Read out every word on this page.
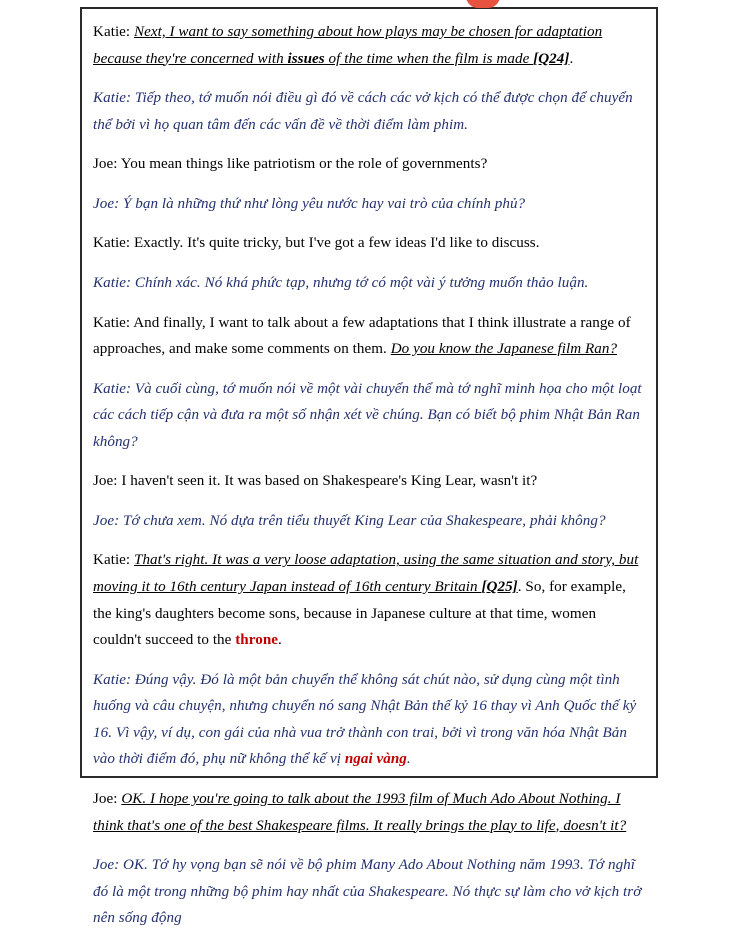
Katie: Next, I want to say something about how plays may be chosen for adaptation because they're concerned with issues of the time when the film is made [Q24].

Katie: Tiếp theo, tớ muốn nói điều gì đó về cách các vở kịch có thể được chọn để chuyển thể bởi vì họ quan tâm đến các vấn đề về thời điểm làm phim.

Joe: You mean things like patriotism or the role of governments?

Joe: Ý bạn là những thứ như lòng yêu nước hay vai trò của chính phủ?

Katie: Exactly. It's quite tricky, but I've got a few ideas I'd like to discuss.

Katie: Chính xác. Nó khá phức tạp, nhưng tớ có một vài ý tưởng muốn thảo luận.

Katie: And finally, I want to talk about a few adaptations that I think illustrate a range of approaches, and make some comments on them. Do you know the Japanese film Ran?

Katie: Và cuối cùng, tớ muốn nói về một vài chuyển thể mà tớ nghĩ minh họa cho một loạt các cách tiếp cận và đưa ra một số nhận xét về chúng. Bạn có biết bộ phim Nhật Bản Ran không?

Joe: I haven't seen it. It was based on Shakespeare's King Lear, wasn't it?

Joe: Tớ chưa xem. Nó dựa trên tiểu thuyết King Lear của Shakespeare, phải không?

Katie: That's right. It was a very loose adaptation, using the same situation and story, but moving it to 16th century Japan instead of 16th century Britain [Q25]. So, for example, the king's daughters become sons, because in Japanese culture at that time, women couldn't succeed to the throne.

Katie: Đúng vậy. Đó là một bản chuyển thể không sát chút nào, sử dụng cùng một tình huống và câu chuyện, nhưng chuyển nó sang Nhật Bản thế kỷ 16 thay vì Anh Quốc thế kỷ 16. Vì vậy, ví dụ, con gái của nhà vua trở thành con trai, bởi vì trong văn hóa Nhật Bản vào thời điểm đó, phụ nữ không thể kế vị ngai vàng.

Joe: OK. I hope you're going to talk about the 1993 film of Much Ado About Nothing. I think that's one of the best Shakespeare films. It really brings the play to life, doesn't it?

Joe: OK. Tớ hy vọng bạn sẽ nói về bộ phim Many Ado About Nothing năm 1993. Tớ nghĩ đó là một trong những bộ phim hay nhất của Shakespeare. Nó thực sự làm cho vở kịch trở nên sống động
